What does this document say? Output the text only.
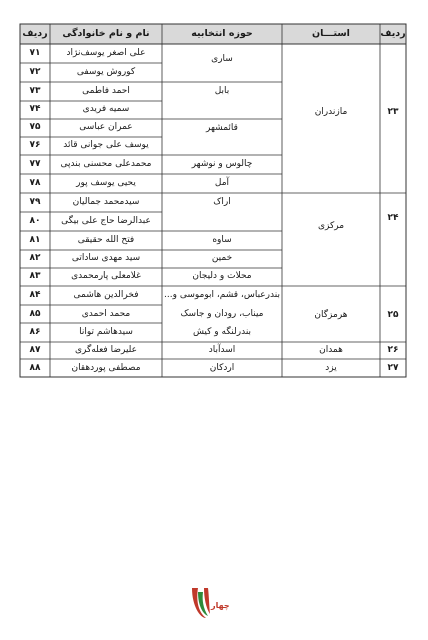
ردیف
استـــان
حوزه انتخابیه
نام و نام خانوادگی
ردیف
۲۳
مازندران
۲۴
مرکزی
۲۵
هرمزگان
۲۶
همدان
۲۷
یزد
ساری
بابل
قائمشهر
چالوس و نوشهر
آمل
اراک
ساوه
خمین
محلات و دلیجان
بندرعباس، قشم، ابوموسی و...
میناب، رودان و جاسک
بندرلنگه و کیش
اسدآباد
اردکان
علی اصغر یوسف‌نژاد
۷۱
کوروش یوسفی
۷۲
احمد فاطمی
۷۳
سمیه فریدی
۷۴
عمران عباسی
۷۵
یوسف علی جوانی قائد
۷۶
محمدعلی محسنی بندپی
۷۷
یحیی یوسف پور
۷۸
سیدمحمد جمالیان
۷۹
عبدالرضا حاج علی بیگی
۸۰
فتح الله حقیقی
۸۱
سید مهدی ساداتی
۸۲
غلامعلی پارمحمدی
۸۳
فخرالدین هاشمی
۸۴
محمد احمدی
۸۵
سیدهاشم توانا
۸۶
علیرضا فعله‌گری
۸۷
مصطفی پوردهقان
۸۸
چهار
